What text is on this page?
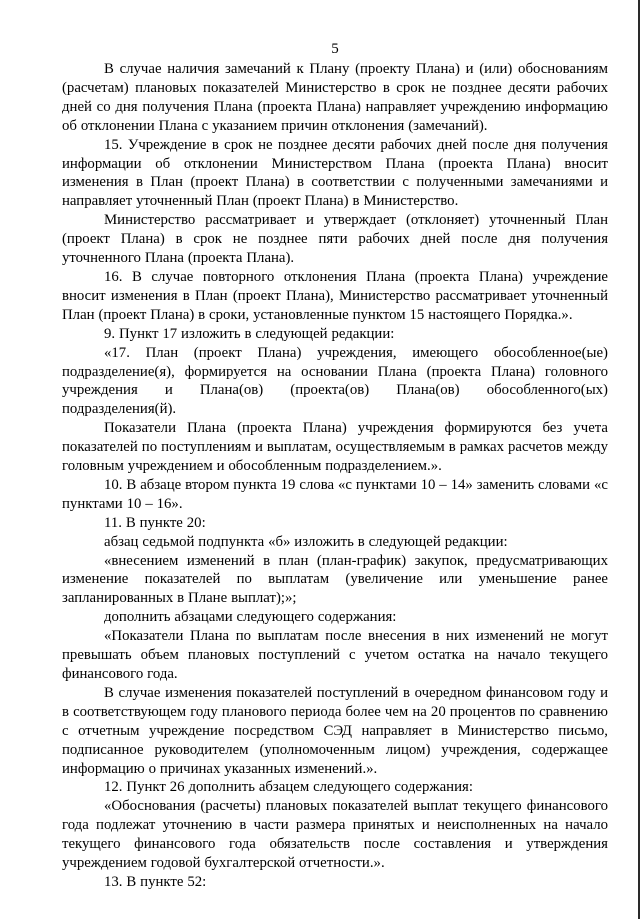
5

В случае наличия замечаний к Плану (проекту Плана) и (или) обоснованиям (расчетам) плановых показателей Министерство в срок не позднее десяти рабочих дней со дня получения Плана (проекта Плана) направляет учреждению информацию об отклонении Плана с указанием причин отклонения (замечаний).

15. Учреждение в срок не позднее десяти рабочих дней после дня получения информации об отклонении Министерством Плана (проекта Плана) вносит изменения в План (проект Плана) в соответствии с полученными замечаниями и направляет уточненный План (проект Плана) в Министерство.

Министерство рассматривает и утверждает (отклоняет) уточненный План (проект Плана) в срок не позднее пяти рабочих дней после дня получения уточненного Плана (проекта Плана).

16. В случае повторного отклонения Плана (проекта Плана) учреждение вносит изменения в План (проект Плана), Министерство рассматривает уточненный План (проект Плана) в сроки, установленные пунктом 15 настоящего Порядка.».

9. Пункт 17 изложить в следующей редакции:

«17. План (проект Плана) учреждения, имеющего обособленное(ые) подразделение(я), формируется на основании Плана (проекта Плана) головного учреждения и Плана(ов) (проекта(ов) Плана(ов) обособленного(ых) подразделения(й).

Показатели Плана (проекта Плана) учреждения формируются без учета показателей по поступлениям и выплатам, осуществляемым в рамках расчетов между головным учреждением и обособленным подразделением.».

10. В абзаце втором пункта 19 слова «с пунктами 10 – 14» заменить словами «с пунктами 10 – 16».

11. В пункте 20:

абзац седьмой подпункта «б» изложить в следующей редакции:

«внесением изменений в план (план-график) закупок, предусматривающих изменение показателей по выплатам (увеличение или уменьшение ранее запланированных в Плане выплат);»;

дополнить абзацами следующего содержания:

«Показатели Плана по выплатам после внесения в них изменений не могут превышать объем плановых поступлений с учетом остатка на начало текущего финансового года.

В случае изменения показателей поступлений в очередном финансовом году и в соответствующем году планового периода более чем на 20 процентов по сравнению с отчетным учреждение посредством СЭД направляет в Министерство письмо, подписанное руководителем (уполномоченным лицом) учреждения, содержащее информацию о причинах указанных изменений.».

12. Пункт 26 дополнить абзацем следующего содержания:

«Обоснования (расчеты) плановых показателей выплат текущего финансового года подлежат уточнению в части размера принятых и неисполненных на начало текущего финансового года обязательств после составления и утверждения учреждением годовой бухгалтерской отчетности.».

13. В пункте 52:
